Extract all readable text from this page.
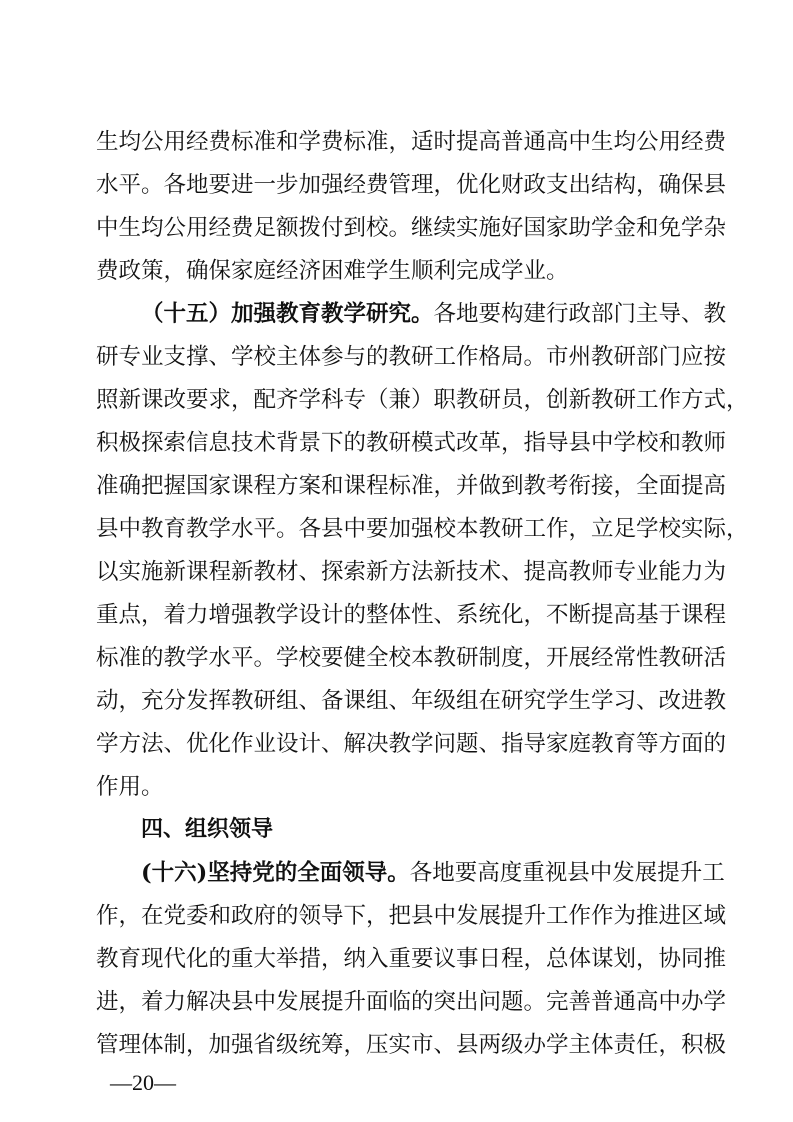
生均公用经费标准和学费标准，适时提高普通高中生均公用经费
水平。各地要进一步加强经费管理，优化财政支出结构，确保县
中生均公用经费足额拨付到校。继续实施好国家助学金和免学杂
费政策，确保家庭经济困难学生顺利完成学业。
（十五）加强教育教学研究。各地要构建行政部门主导、教
研专业支撑、学校主体参与的教研工作格局。市州教研部门应按
照新课改要求，配齐学科专（兼）职教研员，创新教研工作方式，
积极探索信息技术背景下的教研模式改革，指导县中学校和教师
准确把握国家课程方案和课程标准，并做到教考衔接，全面提高
县中教育教学水平。各县中要加强校本教研工作，立足学校实际，
以实施新课程新教材、探索新方法新技术、提高教师专业能力为
重点，着力增强教学设计的整体性、系统化，不断提高基于课程
标准的教学水平。学校要健全校本教研制度，开展经常性教研活
动，充分发挥教研组、备课组、年级组在研究学生学习、改进教
学方法、优化作业设计、解决教学问题、指导家庭教育等方面的
作用。
四、组织领导
(十六)坚持党的全面领导。各地要高度重视县中发展提升工
作，在党委和政府的领导下，把县中发展提升工作作为推进区域
教育现代化的重大举措，纳入重要议事日程，总体谋划，协同推
进，着力解决县中发展提升面临的突出问题。完善普通高中办学
管理体制，加强省级统筹，压实市、县两级办学主体责任，积极
—20—
